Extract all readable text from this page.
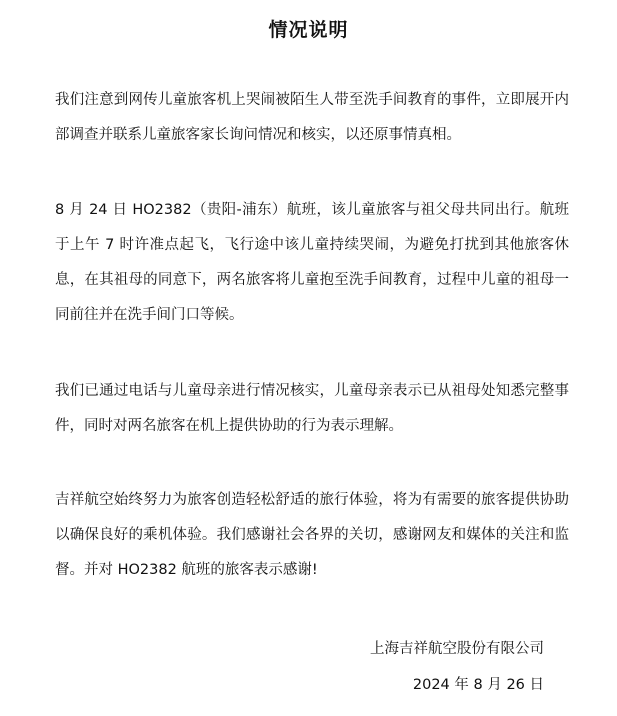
情况说明
我们注意到网传儿童旅客机上哭闹被陌生人带至洗手间教育的事件，立即展开内部调查并联系儿童旅客家长询问情况和核实，以还原事情真相。
8 月 24 日 HO2382（贵阳-浦东）航班，该儿童旅客与祖父母共同出行。航班于上午 7 时许准点起飞，飞行途中该儿童持续哭闹，为避免打扰到其他旅客休息，在其祖母的同意下，两名旅客将儿童抱至洗手间教育，过程中儿童的祖母一同前往并在洗手间门口等候。
我们已通过电话与儿童母亲进行情况核实，儿童母亲表示已从祖母处知悉完整事件，同时对两名旅客在机上提供协助的行为表示理解。
吉祥航空始终努力为旅客创造轻松舒适的旅行体验，将为有需要的旅客提供协助以确保良好的乘机体验。我们感谢社会各界的关切，感谢网友和媒体的关注和监督。并对 HO2382 航班的旅客表示感谢!
上海吉祥航空股份有限公司
2024 年 8 月 26 日
